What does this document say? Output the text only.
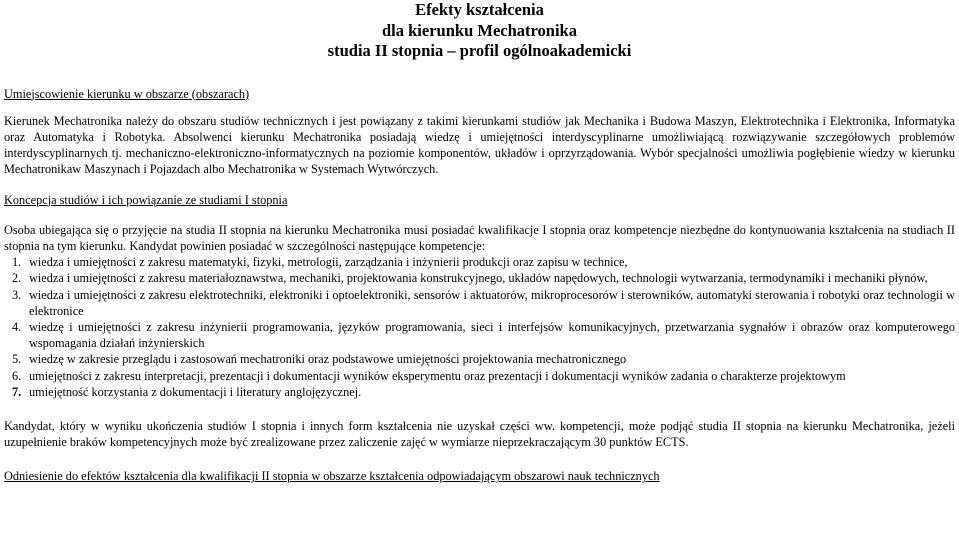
Efekty kształcenia
dla kierunku Mechatronika
studia II stopnia – profil ogólnoakademicki

Umiejscowienie kierunku w obszarze (obszarach)

Kierunek Mechatronika należy do obszaru studiów technicznych i jest powiązany z takimi kierunkami studiów jak Mechanika i Budowa Maszyn, Elektrotechnika i Elektronika, Informatyka oraz Automatyka i Robotyka. Absolwenci kierunku Mechatronika posiadają wiedzę i umiejętności interdyscyplinarne umożliwiającą rozwiązywanie szczegółowych problemów interdyscyplinarnych tj. mechaniczno-elektroniczno-informatycznych na poziomie komponentów, układów i oprzyrządowania. Wybór specjalności umożliwia pogłębienie wiedzy w kierunku Mechatronikaw Maszynach i Pojazdach albo Mechatronika w Systemach Wytwórczych.

Koncepcja studiów i ich powiązanie ze studiami I stopnia

Osoba ubiegająca się o przyjęcie na studia II stopnia na kierunku Mechatronika musi posiadać kwalifikacje I stopnia oraz kompetencje niezbędne do kontynuowania kształcenia na studiach II stopnia na tym kierunku. Kandydat powinien posiadać w szczególności następujące kompetencje:

1. wiedza i umiejętności z zakresu matematyki, fizyki, metrologii, zarządzania i inżynierii produkcji oraz zapisu w technice,
2. wiedza i umiejętności z zakresu materiałoznawstwa, mechaniki, projektowania konstrukcyjnego, układów napędowych, technologii wytwarzania, termodynamiki i mechaniki płynów,
3. wiedza i umiejętności z zakresu elektrotechniki, elektroniki i optoelektroniki, sensorów i aktuatorów, mikroprocesorów i sterowników, automatyki sterowania i robotyki oraz technologii w elektronice
4. wiedzę i umiejętności z zakresu inżynierii programowania, języków programowania, sieci i interfejsów komunikacyjnych, przetwarzania sygnałów i obrazów oraz komputerowego wspomagania działań inżynierskich
5. wiedzę w zakresie przeglądu i zastosowań mechatroniki oraz podstawowe umiejętności projektowania mechatronicznego
6. umiejętności z zakresu interpretacji, prezentacji i dokumentacji wyników eksperymentu oraz prezentacji i dokumentacji wyników zadania o charakterze projektowym
7. umiejętność korzystania z dokumentacji i literatury anglojęzycznej.

Kandydat, który w wyniku ukończenia studiów I stopnia i innych form kształcenia nie uzyskał części ww. kompetencji, może podjąć studia II stopnia na kierunku Mechatronika, jeżeli uzupełnienie braków kompetencyjnych może być zrealizowane przez zaliczenie zajęć w wymiarze nieprzekraczającym 30 punktów ECTS.

Odniesienie do efektów kształcenia dla kwalifikacji II stopnia w obszarze kształcenia odpowiadającym obszarowi nauk technicznych
